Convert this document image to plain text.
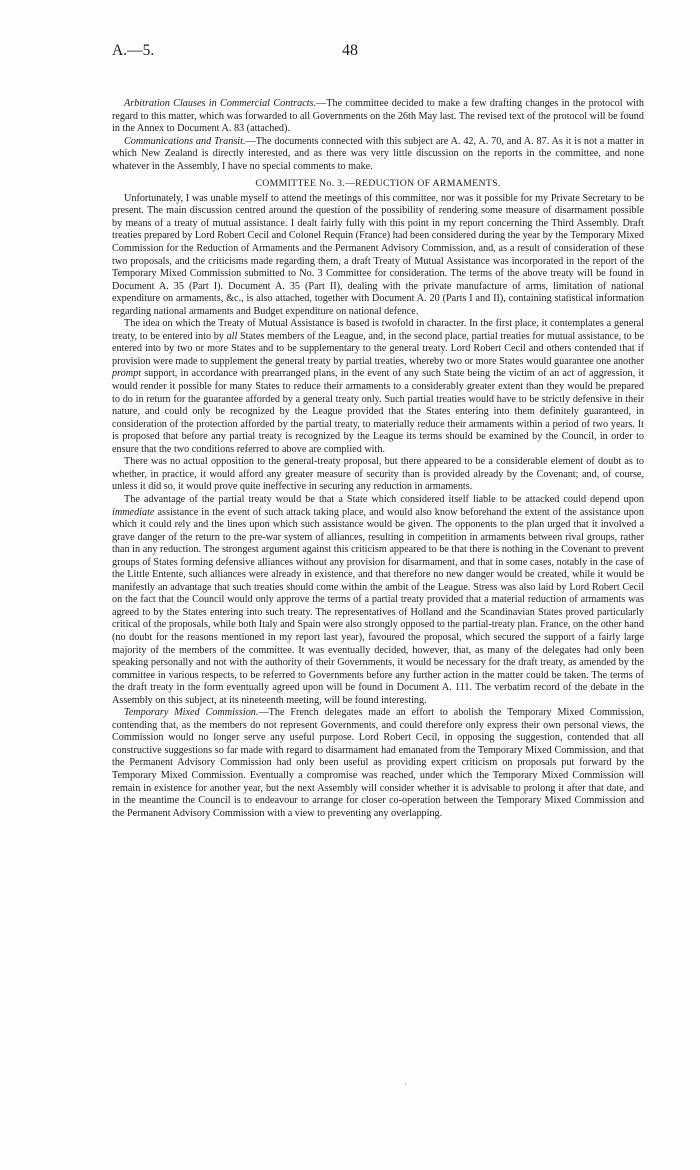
A.—5.	48

Arbitration Clauses in Commercial Contracts.—The committee decided to make a few drafting changes in the protocol with regard to this matter, which was forwarded to all Governments on the 26th May last. The revised text of the protocol will be found in the Annex to Document A. 83 (attached).

Communications and Transit.—The documents connected with this subject are A. 42, A. 70, and A. 87. As it is not a matter in which New Zealand is directly interested, and as there was very little discussion on the reports in the committee, and none whatever in the Assembly, I have no special comments to make.

COMMITTEE No. 3.—REDUCTION OF ARMAMENTS.

Unfortunately, I was unable myself to attend the meetings of this committee, nor was it possible for my Private Secretary to be present. The main discussion centred around the question of the possibility of rendering some measure of disarmament possible by means of a treaty of mutual assistance. I dealt fairly fully with this point in my report concerning the Third Assembly. Draft treaties prepared by Lord Robert Cecil and Colonel Requin (France) had been considered during the year by the Temporary Mixed Commission for the Reduction of Armaments and the Permanent Advisory Commission, and, as a result of consideration of these two proposals, and the criticisms made regarding them, a draft Treaty of Mutual Assistance was incorporated in the report of the Temporary Mixed Commission submitted to No. 3 Committee for consideration. The terms of the above treaty will be found in Document A. 35 (Part I). Document A. 35 (Part II), dealing with the private manufacture of arms, limitation of national expenditure on armaments, &c., is also attached, together with Document A. 20 (Parts I and II), containing statistical information regarding national armaments and Budget expenditure on national defence.

The idea on which the Treaty of Mutual Assistance is based is twofold in character. In the first place, it contemplates a general treaty, to be entered into by all States members of the League, and, in the second place, partial treaties for mutual assistance, to be entered into by two or more States and to be supplementary to the general treaty. Lord Robert Cecil and others contended that if provision were made to supplement the general treaty by partial treaties, whereby two or more States would guarantee one another prompt support, in accordance with prearranged plans, in the event of any such State being the victim of an act of aggression, it would render it possible for many States to reduce their armaments to a considerably greater extent than they would be prepared to do in return for the guarantee afforded by a general treaty only. Such partial treaties would have to be strictly defensive in their nature, and could only be recognized by the League provided that the States entering into them definitely guaranteed, in consideration of the protection afforded by the partial treaty, to materially reduce their armaments within a period of two years. It is proposed that before any partial treaty is recognized by the League its terms should be examined by the Council, in order to ensure that the two conditions referred to above are complied with.

There was no actual opposition to the general-treaty proposal, but there appeared to be a considerable element of doubt as to whether, in practice, it would afford any greater measure of security than is provided already by the Covenant; and, of course, unless it did so, it would prove quite ineffective in securing any reduction in armaments.

The advantage of the partial treaty would be that a State which considered itself liable to be attacked could depend upon immediate assistance in the event of such attack taking place, and would also know beforehand the extent of the assistance upon which it could rely and the lines upon which such assistance would be given. The opponents to the plan urged that it involved a grave danger of the return to the pre-war system of alliances, resulting in competition in armaments between rival groups, rather than in any reduction. The strongest argument against this criticism appeared to be that there is nothing in the Covenant to prevent groups of States forming defensive alliances without any provision for disarmament, and that in some cases, notably in the case of the Little Entente, such alliances were already in existence, and that therefore no new danger would be created, while it would be manifestly an advantage that such treaties should come within the ambit of the League. Stress was also laid by Lord Robert Cecil on the fact that the Council would only approve the terms of a partial treaty provided that a material reduction of armaments was agreed to by the States entering into such treaty. The representatives of Holland and the Scandinavian States proved particularly critical of the proposals, while both Italy and Spain were also strongly opposed to the partial-treaty plan. France, on the other hand (no doubt for the reasons mentioned in my report last year), favoured the proposal, which secured the support of a fairly large majority of the members of the committee. It was eventually decided, however, that, as many of the delegates had only been speaking personally and not with the authority of their Governments, it would be necessary for the draft treaty, as amended by the committee in various respects, to be referred to Governments before any further action in the matter could be taken. The terms of the draft treaty in the form eventually agreed upon will be found in Document A. 111. The verbatim record of the debate in the Assembly on this subject, at its nineteenth meeting, will be found interesting.

Temporary Mixed Commission.—The French delegates made an effort to abolish the Temporary Mixed Commission, contending that, as the members do not represent Governments, and could therefore only express their own personal views, the Commission would no longer serve any useful purpose. Lord Robert Cecil, in opposing the suggestion, contended that all constructive suggestions so far made with regard to disarmament had emanated from the Temporary Mixed Commission, and that the Permanent Advisory Commission had only been useful as providing expert criticism on proposals put forward by the Temporary Mixed Commission. Eventually a compromise was reached, under which the Temporary Mixed Commission will remain in existence for another year, but the next Assembly will consider whether it is advisable to prolong it after that date, and in the meantime the Council is to endeavour to arrange for closer co-operation between the Temporary Mixed Commission and the Permanent Advisory Commission with a view to preventing any overlapping.

·
